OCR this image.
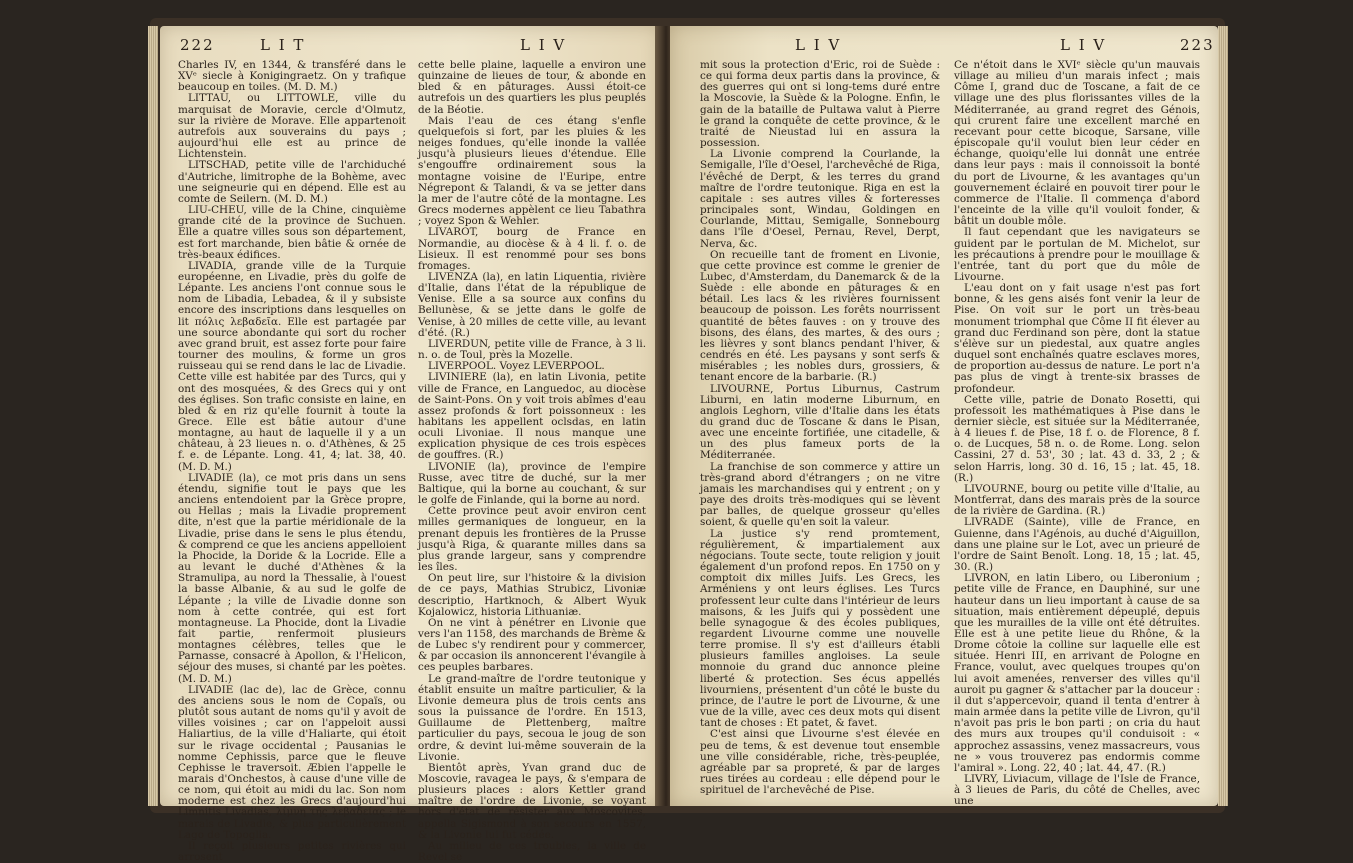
222	L I T	L I V

Charles IV, en 1344, & transféré dans le XVᵉ siecle à Konigingraetz. On y trafique beaucoup en toiles. (M. D. M.)

LITTAU, ou LITTOWLE, ville du marquisat de Moravie, cercle d'Olmutz, sur la rivière de Morave. Elle appartenoit autrefois aux souverains du pays ; aujourd'hui elle est au prince de Lichtenstein.

LITSCHAD, petite ville de l'archiduché d'Autriche, limitrophe de la Bohème, avec une seigneurie qui en dépend. Elle est au comte de Seilern. (M. D. M.)

LIU-CHEU, ville de la Chine, cinquième grande cité de la province de Suchuen. Elle a quatre villes sous son département, est fort marchande, bien bâtie & ornée de très-beaux édifices.

LIVADIA, grande ville de la Turquie européenne, en Livadie, près du golfe de Lépante. Les anciens l'ont connue sous le nom de Libadia, Lebadea, & il y subsiste encore des inscriptions dans lesquelles on lit πόλις λεβαδεῖα. Elle est partagée par une source abondante qui sort du rocher avec grand bruit, est assez forte pour faire tourner des moulins, & forme un gros ruisseau qui se rend dans le lac de Livadie. Cette ville est habitée par des Turcs, qui y ont des mosquées, & des Grecs qui y ont des églises. Son trafic consiste en laine, en bled & en riz qu'elle fournit à toute la Grece. Elle est bâtie autour d'une montagne, au haut de laquelle il y a un château, à 23 lieues n. o. d'Athènes, & 25 f. e. de Lépante. Long. 41, 4; lat. 38, 40. (M. D. M.)

LIVADIE (la), ce mot pris dans un sens étendu, signifie tout le pays que les anciens entendoient par la Grèce propre, ou Hellas ; mais la Livadie proprement dite, n'est que la partie méridionale de la Livadie, prise dans le sens le plus étendu, & comprend ce que les anciens appelloient la Phocide, la Doride & la Locride. Elle a au levant le duché d'Athènes & la Stramulipa, au nord la Thessalie, à l'ouest la basse Albanie, & au sud le golfe de Lépante ; la ville de Livadie donne son nom à cette contrée, qui est fort montagneuse. La Phocide, dont la Livadie fait partie, renfermoit plusieurs montagnes célèbres, telles que le Parnasse, consacré à Apollon, & l'Helicon, séjour des muses, si chanté par les poètes. (M. D. M.)

LIVADIE (lac de), lac de Grèce, connu des anciens sous le nom de Copaïs, ou plutôt sous autant de noms qu'il y avoit de villes voisines ; car on l'appeloit aussi Haliartius, de la ville d'Haliarte, qui étoit sur le rivage occidental ; Pausanias le nomme Cephissis, parce que le fleuve Cephisse le traversoit. Æbien l'appelle le marais d'Onchestos, à cause d'une ville de ce nom, qui étoit au midi du lac. Son nom moderne est chez les Grecs d'aujourd'hui Limnitis Livadias, λίμνη τῆς λεβαδείας ; le marais de Livadie, & plus particulièrement Lago de Topoglia.

Il reçoit plusieurs petites rivières qui arrosent

cette belle plaine, laquelle a environ une quinzaine de lieues de tour, & abonde en bled & en pâturages. Aussi étoit-ce autrefois un des quartiers les plus peuplés de la Béotie.

Mais l'eau de ces étang s'enfle quelquefois si fort, par les pluies & les neiges fondues, qu'elle inonde la vallée jusqu'à plusieurs lieues d'étendue. Elle s'engouffre ordinairement sous la montagne voisine de l'Euripe, entre Négrepont & Talandi, & va se jetter dans la mer de l'autre côté de la montagne. Les Grecs modernes appèlent ce lieu Tabathra ; voyez Spon & Wehler.

LIVAROT, bourg de France en Normandie, au diocèse & à 4 li. f. o. de Lisieux. Il est renommé pour ses bons fromages.

LIVENZA (la), en latin Liquentia, rivière d'Italie, dans l'état de la république de Venise. Elle a sa source aux confins du Bellunèse, & se jette dans le golfe de Venise, à 20 milles de cette ville, au levant d'été. (R.)

LIVERDUN, petite ville de France, à 3 li. n. o. de Toul, près la Mozelle.

LIVERPOOL. Voyez LEVERPOOL.

LIVINIERE (la), en latin Livonia, petite ville de France, en Languedoc, au diocèse de Saint-Pons. On y voit trois abîmes d'eau assez profonds & fort poissonneux : les habitans les appellent oclsdas, en latin oculi Livoniae. Il nous manque une explication physique de ces trois espèces de gouffres. (R.)

LIVONIE (la), province de l'empire Russe, avec titre de duché, sur la mer Baltique, qui la borne au couchant, & sur le golfe de Finlande, qui la borne au nord.

Cette province peut avoir environ cent milles germaniques de longueur, en la prenant depuis les frontières de la Prusse jusqu'à Riga, & quarante milles dans sa plus grande largeur, sans y comprendre les îles.

On peut lire, sur l'histoire & la division de ce pays, Mathias Strubicz, Livoniæ descriptio, Hartknoch, & Albert Wyuk Kojalowicz, historia Lithuaniæ.

On ne vint à pénétrer en Livonie que vers l'an 1158, des marchands de Brème & de Lubec s'y rendirent pour y commercer, & par occasion ils annoncerent l'évangile à ces peuples barbares.

Le grand-maître de l'ordre teutonique y établit ensuite un maître particulier, & la Livonie demeura plus de trois cents ans sous la puissance de l'ordre. En 1513, Guillaume de Plettenberg, maître particulier du pays, secoua le joug de son ordre, & devint lui-même souverain de la Livonie.

Bientôt après, Yvan grand duc de Moscovie, ravagea le pays, & s'empara de plusieurs places : alors Kettler grand maître de l'ordre de Livonie, se voyant hors d'état de résister aux Moscovites, appella Sigismond à son secours en 1557, & la Livonie lui fut cédée.

Au milieu de ces troubles, la ville de Revel se

L I V	L I V	223

mit sous la protection d'Eric, roi de Suède : ce qui forma deux partis dans la province, & des guerres qui ont si long-tems duré entre la Moscovie, la Suède & la Pologne. Enfin, le gain de la bataille de Pultawa valut à Pierre le grand la conquête de cette province, & le traité de Nieustad lui en assura la possession.

La Livonie comprend la Courlande, la Semigalle, l'île d'Oesel, l'archevêché de Riga, l'évêché de Derpt, & les terres du grand maître de l'ordre teutonique. Riga en est la capitale : ses autres villes & forteresses principales sont, Windau, Goldingen en Courlande, Mittau, Semigalle, Sonnebourg dans l'île d'Oesel, Pernau, Revel, Derpt, Nerva, &c.

On recueille tant de froment en Livonie, que cette province est comme le grenier de Lubec, d'Amsterdam, du Danemarck & de la Suède : elle abonde en pâturages & en bétail. Les lacs & les rivières fournissent beaucoup de poisson. Les forêts nourrissent quantité de bêtes fauves : on y trouve des bisons, des élans, des martes, & des ours ; les lièvres y sont blancs pendant l'hiver, & cendrés en été. Les paysans y sont serfs & misérables ; les nobles durs, grossiers, & tenant encore de la barbarie. (R.)

LIVOURNE, Portus Liburnus, Castrum Liburni, en latin moderne Liburnum, en anglois Leghorn, ville d'Italie dans les états du grand duc de Toscane & dans le Pisan, avec une enceinte fortifiée, une citadelle, & un des plus fameux ports de la Méditerranée.

La franchise de son commerce y attire un très-grand abord d'étrangers ; on ne vitre jamais les marchandises qui y entrent ; on y paye des droits très-modiques qui se lèvent par balles, de quelque grosseur qu'elles soient, & quelle qu'en soit la valeur.

La justice s'y rend promtement, régulièrement, & impartialement aux négocians. Toute secte, toute religion y jouit également d'un profond repos. En 1750 on y comptoit dix milles Juifs. Les Grecs, les Arméniens y ont leurs églises. Les Turcs professent leur culte dans l'intérieur de leurs maisons, & les Juifs qui y possèdent une belle synagogue & des écoles publiques, regardent Livourne comme une nouvelle terre promise. Il s'y est d'ailleurs établi plusieurs familles angloises. La seule monnoie du grand duc annonce pleine liberté & protection. Ses écus appellés livourniens, présentent d'un côté le buste du prince, de l'autre le port de Livourne, & une vue de la ville, avec ces deux mots qui disent tant de choses : Et patet, & favet.

C'est ainsi que Livourne s'est élevée en peu de tems, & est devenue tout ensemble une ville considérable, riche, très-peuplée, agréable par sa propreté, & par de larges rues tirées au cordeau : elle dépend pour le spirituel de l'archevêché de Pise.

Ce n'étoit dans le XVIᵉ siècle qu'un mauvais village au milieu d'un marais infect ; mais Côme I, grand duc de Toscane, a fait de ce village une des plus florissantes villes de la Méditerranée, au grand regret des Génois, qui crurent faire une excellent marché en recevant pour cette bicoque, Sarsane, ville épiscopale qu'il voulut bien leur céder en échange, quoiqu'elle lui donnât une entrée dans leur pays : mais il connoissoit la bonté du port de Livourne, & les avantages qu'un gouvernement éclairé en pouvoit tirer pour le commerce de l'Italie. Il commença d'abord l'enceinte de la ville qu'il vouloit fonder, & bâtit un double môle.

Il faut cependant que les navigateurs se guident par le portulan de M. Michelot, sur les précautions à prendre pour le mouillage & l'entrée, tant du port que du môle de Livourne.

L'eau dont on y fait usage n'est pas fort bonne, & les gens aisés font venir la leur de Pise. On voit sur le port un très-beau monument triomphal que Côme II fit élever au grand duc Ferdinand son père, dont la statue s'élève sur un piedestal, aux quatre angles duquel sont enchaînés quatre esclaves mores, de proportion au-dessus de nature. Le port n'a pas plus de vingt à trente-six brasses de profondeur.

Cette ville, patrie de Donato Rosetti, qui professoit les mathématiques à Pise dans le dernier siècle, est située sur la Méditerranée, à 4 lieues f. de Pise, 18 f. o. de Florence, 8 f. o. de Lucques, 58 n. o. de Rome. Long. selon Cassini, 27 d. 53', 30 ; lat. 43 d. 33, 2 ; & selon Harris, long. 30 d. 16, 15 ; lat. 45, 18. (R.)

LIVOURNE, bourg ou petite ville d'Italie, au Montferrat, dans des marais près de la source de la rivière de Gardina. (R.)

LIVRADE (Sainte), ville de France, en Guienne, dans l'Agénois, au duché d'Aiguillon, dans une plaine sur le Lot, avec un prieuré de l'ordre de Saint Benoît. Long. 18, 15 ; lat. 45, 30. (R.)

LIVRON, en latin Libero, ou Liberonium ; petite ville de France, en Dauphiné, sur une hauteur dans un lieu important à cause de sa situation, mais entièrement dépeuplé, depuis que les murailles de la ville ont été détruites. Elle est à une petite lieue du Rhône, & la Drome côtoie la colline sur laquelle elle est située. Henri III, en arrivant de Pologne en France, voulut, avec quelques troupes qu'on lui avoit amenées, renverser des villes qu'il auroit pu gagner & s'attacher par la douceur : il dut s'appercevoir, quand il tenta d'entrer à main armée dans la petite ville de Livron, qu'il n'avoit pas pris le bon parti ; on cria du haut des murs aux troupes qu'il conduisoit : « approchez assassins, venez massacreurs, vous ne » vous trouverez pas endormis comme l'amiral ». Long. 22, 40 ; lat. 44, 47. (R.)

LIVRY, Liviacum, village de l'Isle de France, à 3 lieues de Paris, du côté de Chelles, avec une
